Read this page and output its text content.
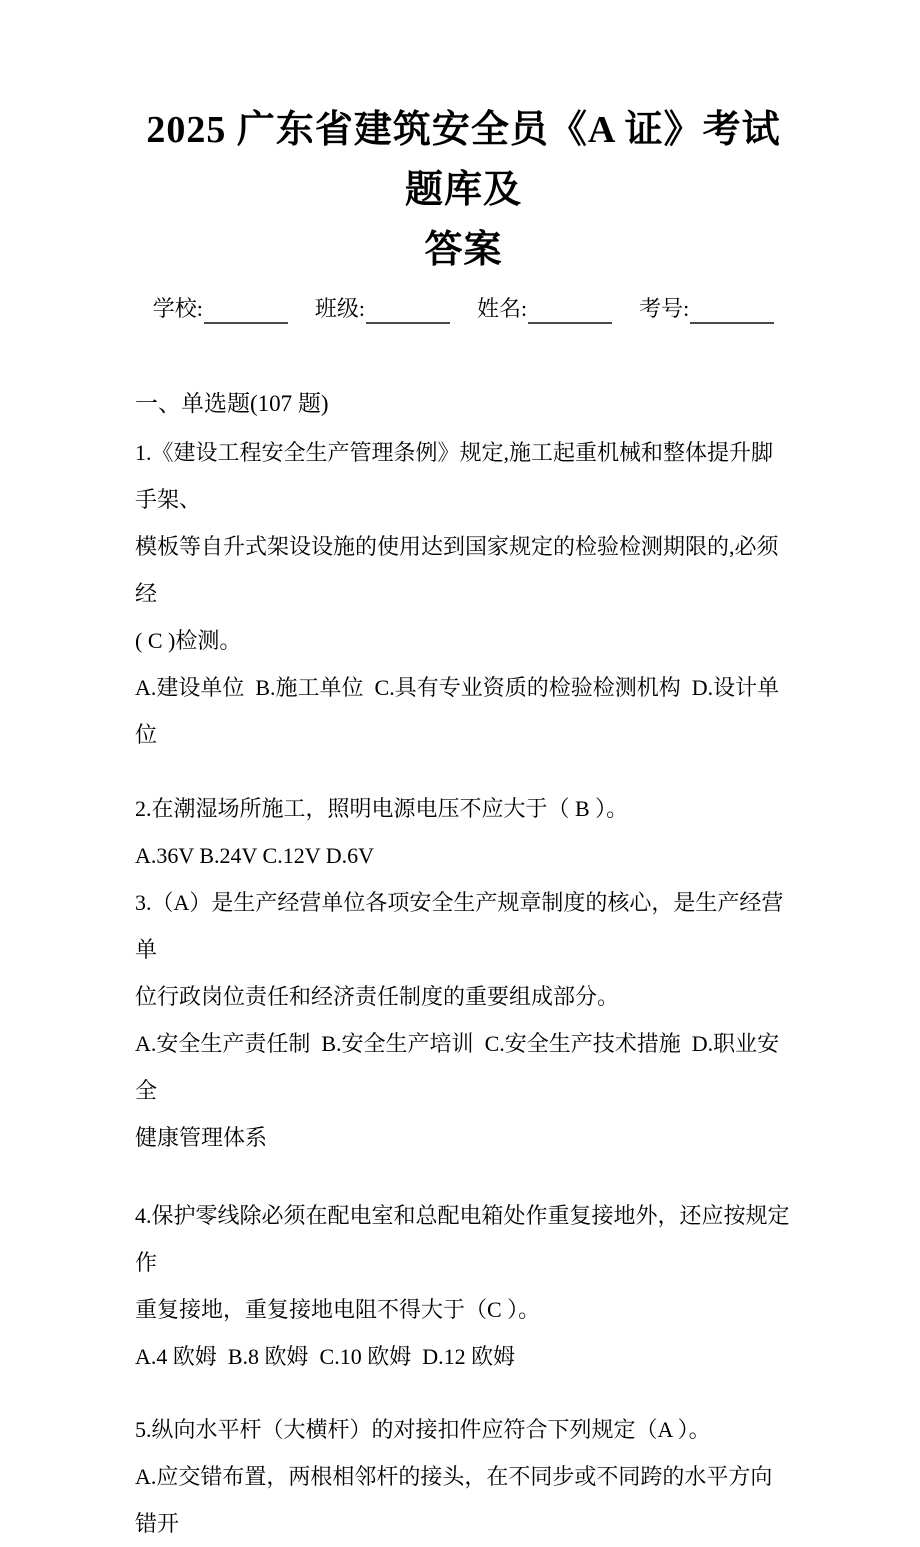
2025 广东省建筑安全员《A 证》考试题库及
答案
学校:	班级:	姓名:	考号:
一、单选题(107 题)

1.《建设工程安全生产管理条例》规定,施工起重机械和整体提升脚手架、

模板等自升式架设设施的使用达到国家规定的检验检测期限的,必须经

( C )检测。

A.建设单位  B.施工单位  C.具有专业资质的检验检测机构  D.设计单位

2.在潮湿场所施工，照明电源电压不应大于（ B ）。

A.36V B.24V C.12V D.6V

3.（A）是生产经营单位各项安全生产规章制度的核心，是生产经营单

位行政岗位责任和经济责任制度的重要组成部分。

A.安全生产责任制  B.安全生产培训  C.安全生产技术措施  D.职业安全

健康管理体系

4.保护零线除必须在配电室和总配电箱处作重复接地外，还应按规定作

重复接地，重复接地电阻不得大于（C ）。

A.4 欧姆  B.8 欧姆  C.10 欧姆  D.12 欧姆

5.纵向水平杆（大横杆）的对接扣件应符合下列规定（A ）。

A.应交错布置，两根相邻杆的接头，在不同步或不同跨的水平方向错开
